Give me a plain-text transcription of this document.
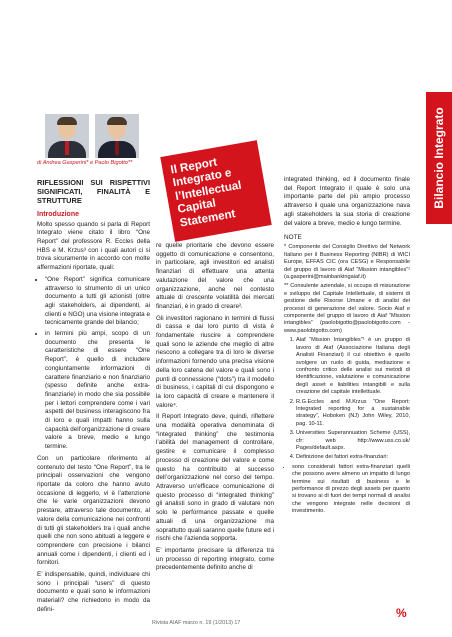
Bilancio Integrato
di Andrea Gasperini* e Paolo Bigotto**	Il Report Integrato e l’Intellectual Capital Statement
RIFLESSIONI SUI RISPETTIVI SIGNIFICATI, FINALITÀ E STRUTTURE
Introduzione

Molto spesso quando si parla di Report Integrato viene citato il libro “One Report” del professore R. Eccles della HBS e M. Krzus³ con i quali autori ci si trova sicuramente in accordo con molte affermazioni riportate, quali:

• “One Report” significa comunicare attraverso lo strumento di un unico documento a tutti gli azionisti (oltre agli stakeholders, ai dipendenti, ai clienti e NGO) una visione integrata e tecnicamente grande del bilancio;
• in termini più ampi, scopo di un documento che presenta le caratteristiche di essere “One Report”, è quello di includere congiuntamente informazioni di carattere finanziario e non finanziario (spesso definite anche extra-finanziarie) in modo che sia possibile per i lettori comprendere come i vari aspetti del business interagiscono fra di loro e quali impatti hanno sulla capacità dell’organizzazione di creare valore a breve, medio e lungo termine.

Con un particolare riferimento al contenuto del testo “One Report”, tra le principali osservazioni che vengono riportate da coloro che hanno avuto occasione di leggerlo, vi è l’attenzione che le varie organizzazioni devono prestare, attraverso tale documento, al valore della comunicazione nei confronti di tutti gli stakeholders tra i quali anche quelli che non sono abituati a leggere e comprendere con precisione i bilanci annuali come i dipendenti, i clienti ed i fornitori.

E’ indispensabile, quindi, individuare chi sono i principali “users” di questo documento e quali sono le informazioni materiali? che richiedono in modo da defini-

re quelle prioritarie che devono essere oggetto di comunicazione e consentono, in particolare, agli investitori ed analisti finanziari di effettuare una attenta valutazione del valore che una organizzazione, anche nel contesto attuale di crescente volatilità dei mercati finanziari, è in grado di creare².

Gli investitori ragionano in termini di flussi di cassa e dai loro punto di vista è fondamentale riuscire a comprendere quali sono le aziende che meglio di altre riescono a collegare tra di loro le diverse informazioni fornendo una precisa visione della loro catena del valore e quali sono i punti di connessione (“dots”) tra il modello di business, i capitali di cui dispongono e la loro capacità di creare e mantenere il valore⁴.

Il Report Integrato deve, quindi, riflettere una modalità operativa denominata di “integrated thinking” che testimonia l’abilità del management di controllare, gestire e comunicare il complesso processo di creazione del valore e come questo ha contribuito al successo dell’organizzazione nel corso del tempo. Attraverso un’efficace comunicazione di questo processo di “integrated thinking” gli analisti sono in grado di valutare non solo le performance passate e quelle attuali di una organizzazione ma soprattutto quali saranno quelle future ed i rischi che l’azienda sopporta.

E’ importante precisare la differenza tra un processo di reporting integrato, come precedentemente definito anche di

integrated thinking, ed il documento finale del Report Integrato il quale è solo una importante parte del più ampio processo attraverso il quale una organizzazione nava agli stakeholders la sua storia di creazione del valore a breve, medio e lungo termine.

NOTE
* Componente del Consiglio Direttivo del Network Italiano per il Business Reporting (NIBR) di WICI Europe, EFFAS CIC (ora CESG) e Responsabile del gruppo di lavoro di Aiaf “Mission intangibles”¹ (a.gasperini@mainbankingaiaf.it)
** Consulente aziendale, si occupa di misurazione e sviluppo del Capitale Intellettuale, di sistemi di gestione delle Risorse Umane e di analisi dei processi di generazione del valore. Socio Aiaf e componente del gruppo di lavoro di Aiaf “Mission intangibles” (paolobigotto@paolobigotto.com - www.paolobigotto.com)
1. Aiaf “Mission Intangibles”¹ è un gruppo di lavoro di Aiaf (Associazione Italiana degli Analisti Finanziari) il cui obiettivo è quello svolgere un ruolo di guida, mediazione e confronto critico delle analisi sui metodi di identificazione, valutazione e comunicazione degli asset e liabilities intangibili e sulla creazione del capitale intellettuale.
2. R.G.Eccles and M.Krzus “One Report: Integrated reporting for a sustainable strategy”, Hoboken (NJ) John Wiley, 2010, pag. 10-11.
3. Universities Superannuation Scheme (USS), cfr: web http://www.uss.co.uk/ Pages/default.aspx.
4. Definizione dei fattori extra-finanziari:
• sono considerati fattori extra-finanziari quelli che possono avere almeno un impatto di lungo termine sui risultati di business e le performance di prezzo degli assets per quanto si trovano ai di fuori dei tempi normali di analisi che vengono integrate nelle decisioni di investimento.
Rivista AIAF marzo n. 19 (1/2013) 17
%
